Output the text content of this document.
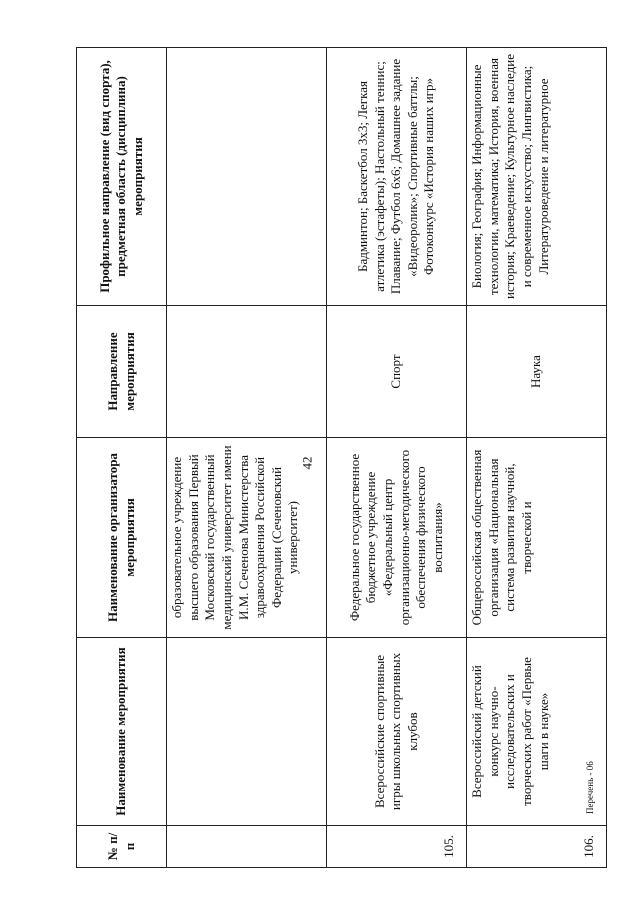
42
№ п/п	Наименование мероприятия	Наименование организатора мероприятия	Направление мероприятия	Профильное направление (вид спорта), предметная область (дисциплина) мероприятия
		образовательное учреждение высшего образования Первый Московский государственный медицинский университет имени И.М. Сеченова Министерства здравоохранения Российской Федерации (Сеченовский университет)		
105.	Всероссийские спортивные игры школьных спортивных клубов	Федеральное государственное бюджетное учреждение «Федеральный центр организационно-методического обеспечения физического воспитания»	Спорт	Бадминтон; Баскетбол 3х3; Легкая атлетика (эстафеты); Настольный теннис; Плавание; Футбол 6х6; Домашнее задание «Видеоролик»; Спортивные баттлы; Фотоконкурс «История наших игр»
106.	Всероссийский детский конкурс научно-исследовательских и творческих работ «Первые шаги в науке»	Общероссийская общественная организация «Национальная система развития научной, творческой и	Наука	Биология; География; Информационные технологии, математика; История, военная история; Краеведение; Культурное наследие и современное искусство; Лингвистика; Литературоведение и литературное
Перечень - 06
